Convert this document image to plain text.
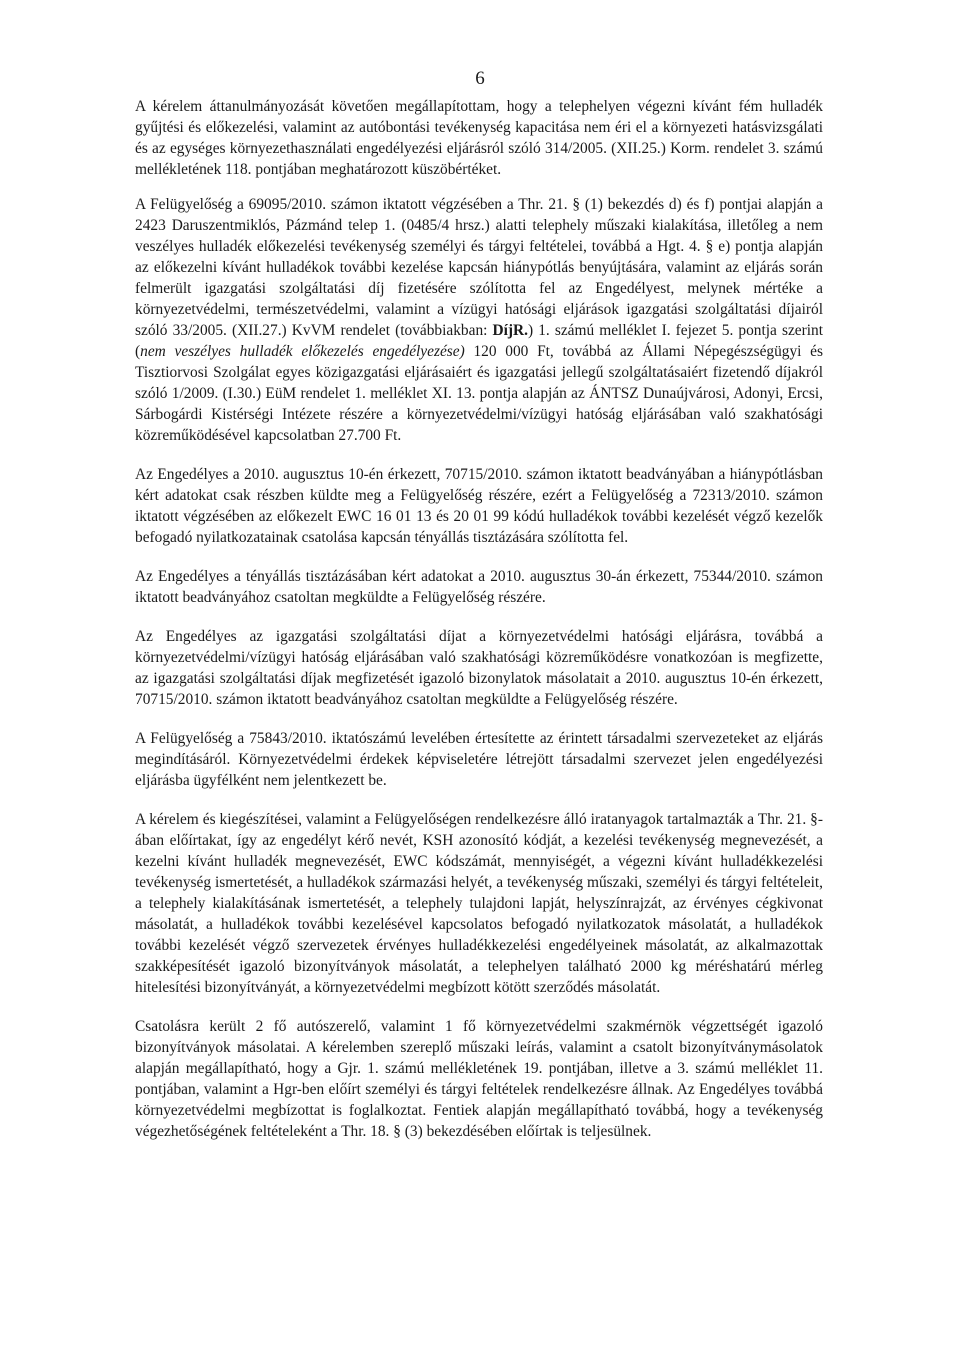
6

A kérelem áttanulmányozását követően megállapítottam, hogy a telephelyen végezni kívánt fém hulladék gyűjtési és előkezelési, valamint az autóbontási tevékenység kapacitása nem éri el a környezeti hatásvizsgálati és az egységes környezethasználati engedélyezési eljárásról szóló 314/2005. (XII.25.) Korm. rendelet 3. számú mellékletének 118. pontjában meghatározott küszöbértéket.

A Felügyelőség a 69095/2010. számon iktatott végzésében a Thr. 21. § (1) bekezdés d) és f) pontjai alapján a 2423 Daruszentmiklós, Pázmánd telep 1. (0485/4 hrsz.) alatti telephely műszaki kialakítása, illetőleg a nem veszélyes hulladék előkezelési tevékenység személyi és tárgyi feltételei, továbbá a Hgt. 4. § e) pontja alapján az előkezelni kívánt hulladékok további kezelése kapcsán hiánypótlás benyújtására, valamint az eljárás során felmerült igazgatási szolgáltatási díj fizetésére szólította fel az Engedélyest, melynek mértéke a környezetvédelmi, természetvédelmi, valamint a vízügyi hatósági eljárások igazgatási szolgáltatási díjairól szóló 33/2005. (XII.27.) KvVM rendelet (továbbiakban: DíjR.) 1. számú melléklet I. fejezet 5. pontja szerint (nem veszélyes hulladék előkezelés engedélyezése) 120 000 Ft, továbbá az Állami Népegészségügyi és Tisztiorvosi Szolgálat egyes közigazgatási eljárásaiért és igazgatási jellegű szolgáltatásaiért fizetendő díjakról szóló 1/2009. (I.30.) EüM rendelet 1. melléklet XI. 13. pontja alapján az ÁNTSZ Dunaújvárosi, Adonyi, Ercsi, Sárbogárdi Kistérségi Intézete részére a környezetvédelmi/vízügyi hatóság eljárásában való szakhatósági közreműködésével kapcsolatban 27.700 Ft.

Az Engedélyes a 2010. augusztus 10-én érkezett, 70715/2010. számon iktatott beadványában a hiánypótlásban kért adatokat csak részben küldte meg a Felügyelőség részére, ezért a Felügyelőség a 72313/2010. számon iktatott végzésében az előkezelt EWC 16 01 13 és 20 01 99 kódú hulladékok további kezelését végző kezelők befogadó nyilatkozatainak csatolása kapcsán tényállás tisztázására szólította fel.

Az Engedélyes a tényállás tisztázásában kért adatokat a 2010. augusztus 30-án érkezett, 75344/2010. számon iktatott beadványához csatoltan megküldte a Felügyelőség részére.

Az Engedélyes az igazgatási szolgáltatási díjat a környezetvédelmi hatósági eljárásra, továbbá a környezetvédelmi/vízügyi hatóság eljárásában való szakhatósági közreműködésre vonatkozóan is megfizette, az igazgatási szolgáltatási díjak megfizetését igazoló bizonylatok másolatait a 2010. augusztus 10-én érkezett, 70715/2010. számon iktatott beadványához csatoltan megküldte a Felügyelőség részére.

A Felügyelőség a 75843/2010. iktatószámú levelében értesítette az érintett társadalmi szervezeteket az eljárás megindításáról. Környezetvédelmi érdekek képviseletére létrejött társadalmi szervezet jelen engedélyezési eljárásba ügyfélként nem jelentkezett be.

A kérelem és kiegészítései, valamint a Felügyelőségen rendelkezésre álló iratanyagok tartalmazták a Thr. 21. §-ában előírtakat, így az engedélyt kérő nevét, KSH azonosító kódját, a kezelési tevékenység megnevezését, a kezelni kívánt hulladék megnevezését, EWC kódszámát, mennyiségét, a végezni kívánt hulladékkezelési tevékenység ismertetését, a hulladékok származási helyét, a tevékenység műszaki, személyi és tárgyi feltételeit, a telephely kialakításának ismertetését, a telephely tulajdoni lapját, helyszínrajzát, az érvényes cégkivonat másolatát, a hulladékok további kezelésével kapcsolatos befogadó nyilatkozatok másolatát, a hulladékok további kezelését végző szervezetek érvényes hulladékkezelési engedélyeinek másolatát, az alkalmazottak szakképesítését igazoló bizonyítványok másolatát, a telephelyen található 2000 kg méréshatárú mérleg hitelesítési bizonyítványát, a környezetvédelmi megbízott kötött szerződés másolatát.

Csatolásra került 2 fő autószerelő, valamint 1 fő környezetvédelmi szakmérnök végzettségét igazoló bizonyítványok másolatai. A kérelemben szereplő műszaki leírás, valamint a csatolt bizonyítványmásolatok alapján megállapítható, hogy a Gjr. 1. számú mellékletének 19. pontjában, illetve a 3. számú melléklet 11. pontjában, valamint a Hgr-ben előírt személyi és tárgyi feltételek rendelkezésre állnak. Az Engedélyes továbbá környezetvédelmi megbízottat is foglalkoztat. Fentiek alapján megállapítható továbbá, hogy a tevékenység végezhetőségének feltételeként a Thr. 18. § (3) bekezdésében előírtak is teljesülnek.
